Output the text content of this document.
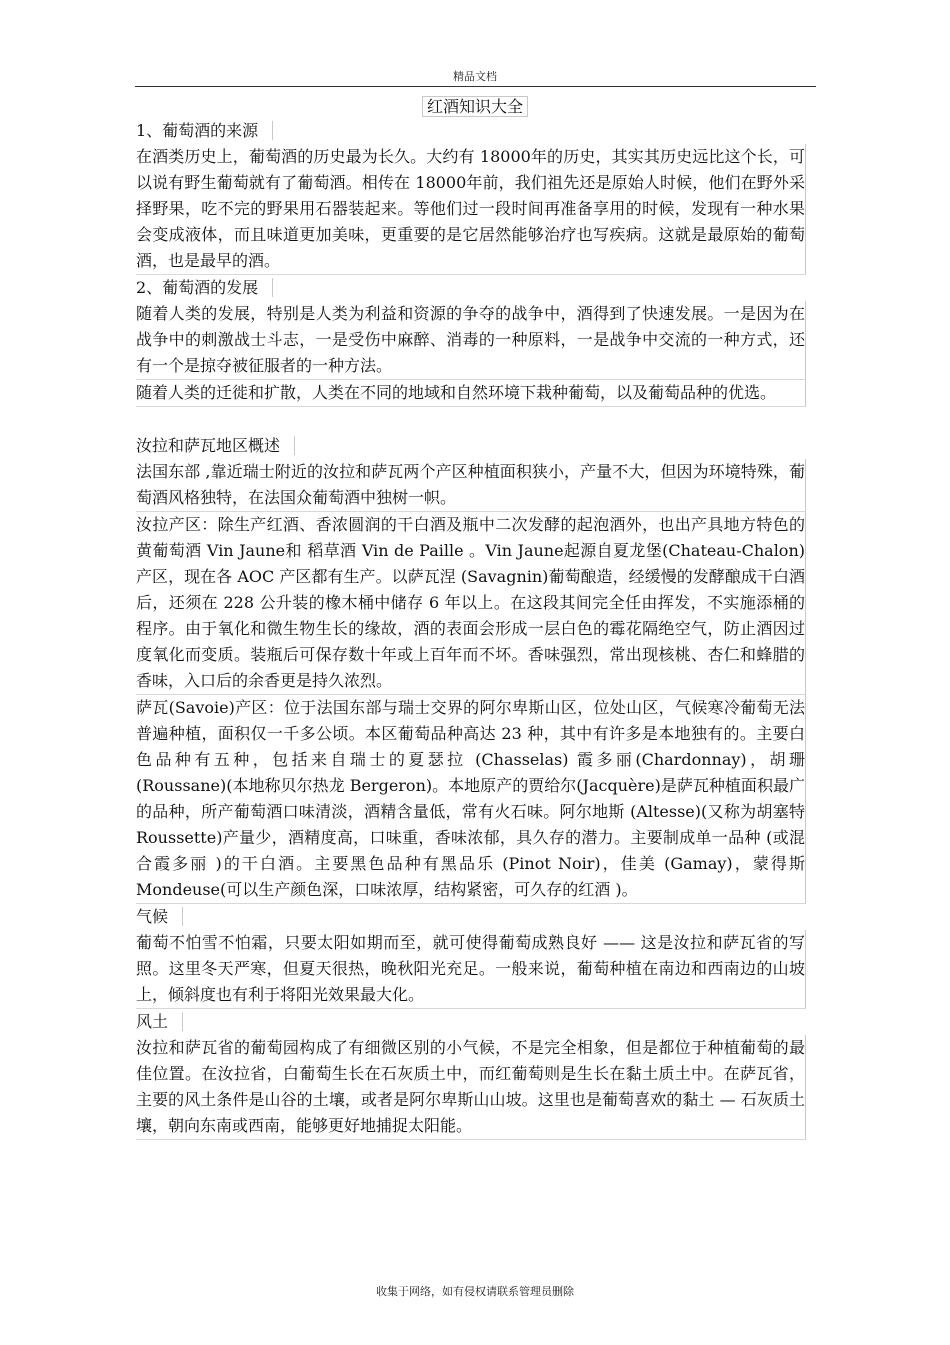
精品文档
红酒知识大全
1、葡萄酒的来源

在酒类历史上，葡萄酒的历史最为长久。大约有 18000年的历史，其实其历史远比这个长，可以说有野生葡萄就有了葡萄酒。相传在 18000年前，我们祖先还是原始人时候，他们在野外采择野果，吃不完的野果用石器装起来。等他们过一段时间再准备享用的时候，发现有一种水果会变成液体，而且味道更加美味，更重要的是它居然能够治疗也写疾病。这就是最原始的葡萄酒，也是最早的酒。

2、葡萄酒的发展

随着人类的发展，特别是人类为利益和资源的争夺的战争中，酒得到了快速发展。一是因为在战争中的刺激战士斗志，一是受伤中麻醉、消毒的一种原料，一是战争中交流的一种方式，还有一个是掠夺被征服者的一种方法。

随着人类的迁徙和扩散，人类在不同的地域和自然环境下栽种葡萄，以及葡萄品种的优选。

汝拉和萨瓦地区概述

法国东部 ,靠近瑞士附近的汝拉和萨瓦两个产区种植面积狭小，产量不大，但因为环境特殊，葡萄酒风格独特，在法国众葡萄酒中独树一帜。

汝拉产区：除生产红酒、香浓圆润的干白酒及瓶中二次发酵的起泡酒外，也出产具地方特色的 黄葡萄酒 Vin Jaune和 稻草酒 Vin de Paille 。Vin Jaune起源自夏龙堡(Chateau-Chalon)产区，现在各 AOC 产区都有生产。以萨瓦涅 (Savagnin)葡萄酿造，经缓慢的发酵酿成干白酒后，还须在 228 公升装的橡木桶中储存 6 年以上。在这段其间完全任由挥发，不实施添桶的程序。由于氧化和微生物生长的缘故，酒的表面会形成一层白色的霉花隔绝空气，防止酒因过度氧化而变质。装瓶后可保存数十年或上百年而不坏。香味强烈，常出现核桃、杏仁和蜂腊的香味，入口后的余香更是持久浓烈。

萨瓦(Savoie)产区：位于法国东部与瑞士交界的阿尔卑斯山区，位处山区，气候寒冷葡萄无法普遍种植，面积仅一千多公顷。本区葡萄品种高达 23 种，其中有许多是本地独有的。主要白色品种有五种，包括来自瑞士的夏瑟拉 (Chasselas) 霞多丽(Chardonnay)，胡珊 (Roussane)(本地称贝尔热龙 Bergeron)。本地原产的贾给尔(Jacquère)是萨瓦种植面积最广的品种，所产葡萄酒口味清淡，酒精含量低，常有火石味。阿尔地斯 (Altesse)(又称为胡塞特 Roussette)产量少，酒精度高，口味重，香味浓郁，具久存的潜力。主要制成单一品种 (或混合霞多丽 )的干白酒。主要黑色品种有黑品乐 (Pinot Noir)，佳美 (Gamay)，蒙得斯 Mondeuse(可以生产颜色深，口味浓厚，结构紧密，可久存的红酒 )。

气候

葡萄不怕雪不怕霜，只要太阳如期而至，就可使得葡萄成熟良好 —— 这是汝拉和萨瓦省的写照。这里冬天严寒，但夏天很热，晚秋阳光充足。一般来说，葡萄种植在南边和西南边的山坡上，倾斜度也有利于将阳光效果最大化。

风土

汝拉和萨瓦省的葡萄园构成了有细微区别的小气候，不是完全相象，但是都位于种植葡萄的最佳位置。在汝拉省，白葡萄生长在石灰质土中，而红葡萄则是生长在黏土质土中。在萨瓦省，主要的风土条件是山谷的土壤，或者是阿尔卑斯山山坡。这里也是葡萄喜欢的黏土 — 石灰质土壤，朝向东南或西南，能够更好地捕捉太阳能。

收集于网络，如有侵权请联系管理员删除
